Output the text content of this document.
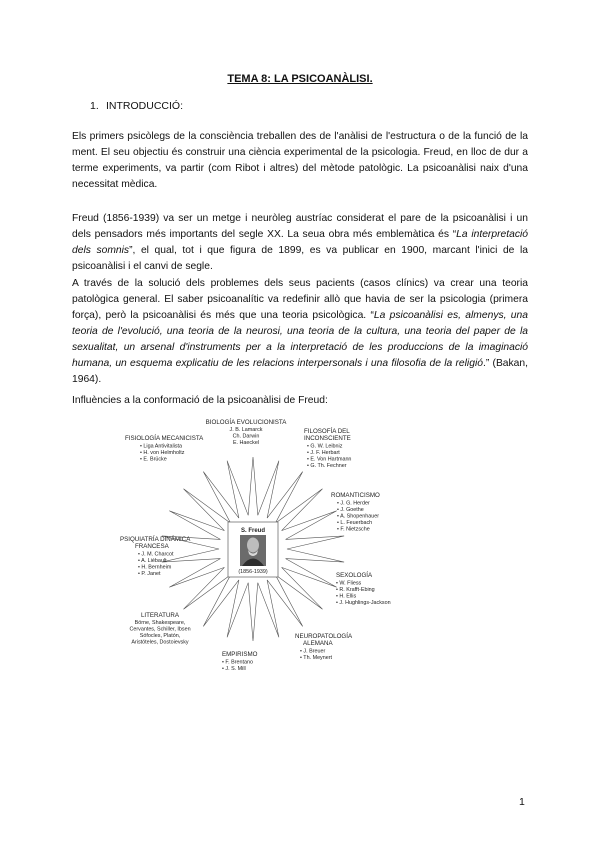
TEMA 8: LA PSICOANÀLISI.
1. INTRODUCCIÓ:

Els primers psicòlegs de la consciència treballen des de l'anàlisi de l'estructura o de la funció de la ment. El seu objectiu és construir una ciència experimental de la psicologia. Freud, en lloc de dur a terme experiments, va partir (com Ribot i altres) del mètode patològic. La psicoanàlisi naix d'una necessitat mèdica.

Freud (1856-1939) va ser un metge i neuròleg austríac considerat el pare de la psicoanàlisi i un dels pensadors més importants del segle XX. La seua obra més emblemàtica és “La interpretació dels somnis”, el qual, tot i que figura de 1899, es va publicar en 1900, marcant l'inici de la psicoanàlisi i el canvi de segle.

A través de la solució dels problemes dels seus pacients (casos clínics) va crear una teoria patològica general. El saber psicoanalític va redefinir allò que havia de ser la psicologia (primera força), però la psicoanàlisi és més que una teoria psicològica. “La psicoanàlisi es, almenys, una teoria de l'evolució, una teoria de la neurosi, una teoria de la cultura, una teoria del paper de la sexualitat, un arsenal d'instruments per a la interpretació de les produccions de la imaginació humana, un esquema explicatiu de les relacions interpersonals i una filosofia de la religió.” (Bakan, 1964).

Influències a la conformació de la psicoanàlisi de Freud:
S. Freud
(1856-1939)
BIOLOGÍA EVOLUCIONISTA
J. B. Lamarck
Ch. Darwin
E. Haeckel
FILOSOFÍA DEL
INCONSCIENTE
• G. W. Leibniz
• J. F. Herbart
• E. Von Hartmann
• G. Th. Fechner
FISIOLOGÍA MECANICISTA
• Liga Antivitalista
• H. von Helmholtz
• E. Brücke
ROMANTICISMO
• J. G. Herder
• J. Goethe
• A. Shopenhauer
• L. Feuerbach
• F. Nietzsche
PSIQUIATRÍA DINÁMICA
FRANCESA
• J. M. Charcot
• A. Liébault
• H. Bernheim
• P. Janet	SEXOLOGÍA
• W. Fliess
• R. Krafft-Ebing
• H. Ellis
• J. Hughlings-Jackson
LITERATURA
Börne, Shakespeare,
Cervantes, Schiller, Ibsen
Sófocles, Platón,
Aristóteles, Dostoievsky
EMPIRISMO
• F. Brentano
• J. S. Mill
NEUROPATOLOGÍA
ALEMANA
• J. Breuer
• Th. Meynert
1
